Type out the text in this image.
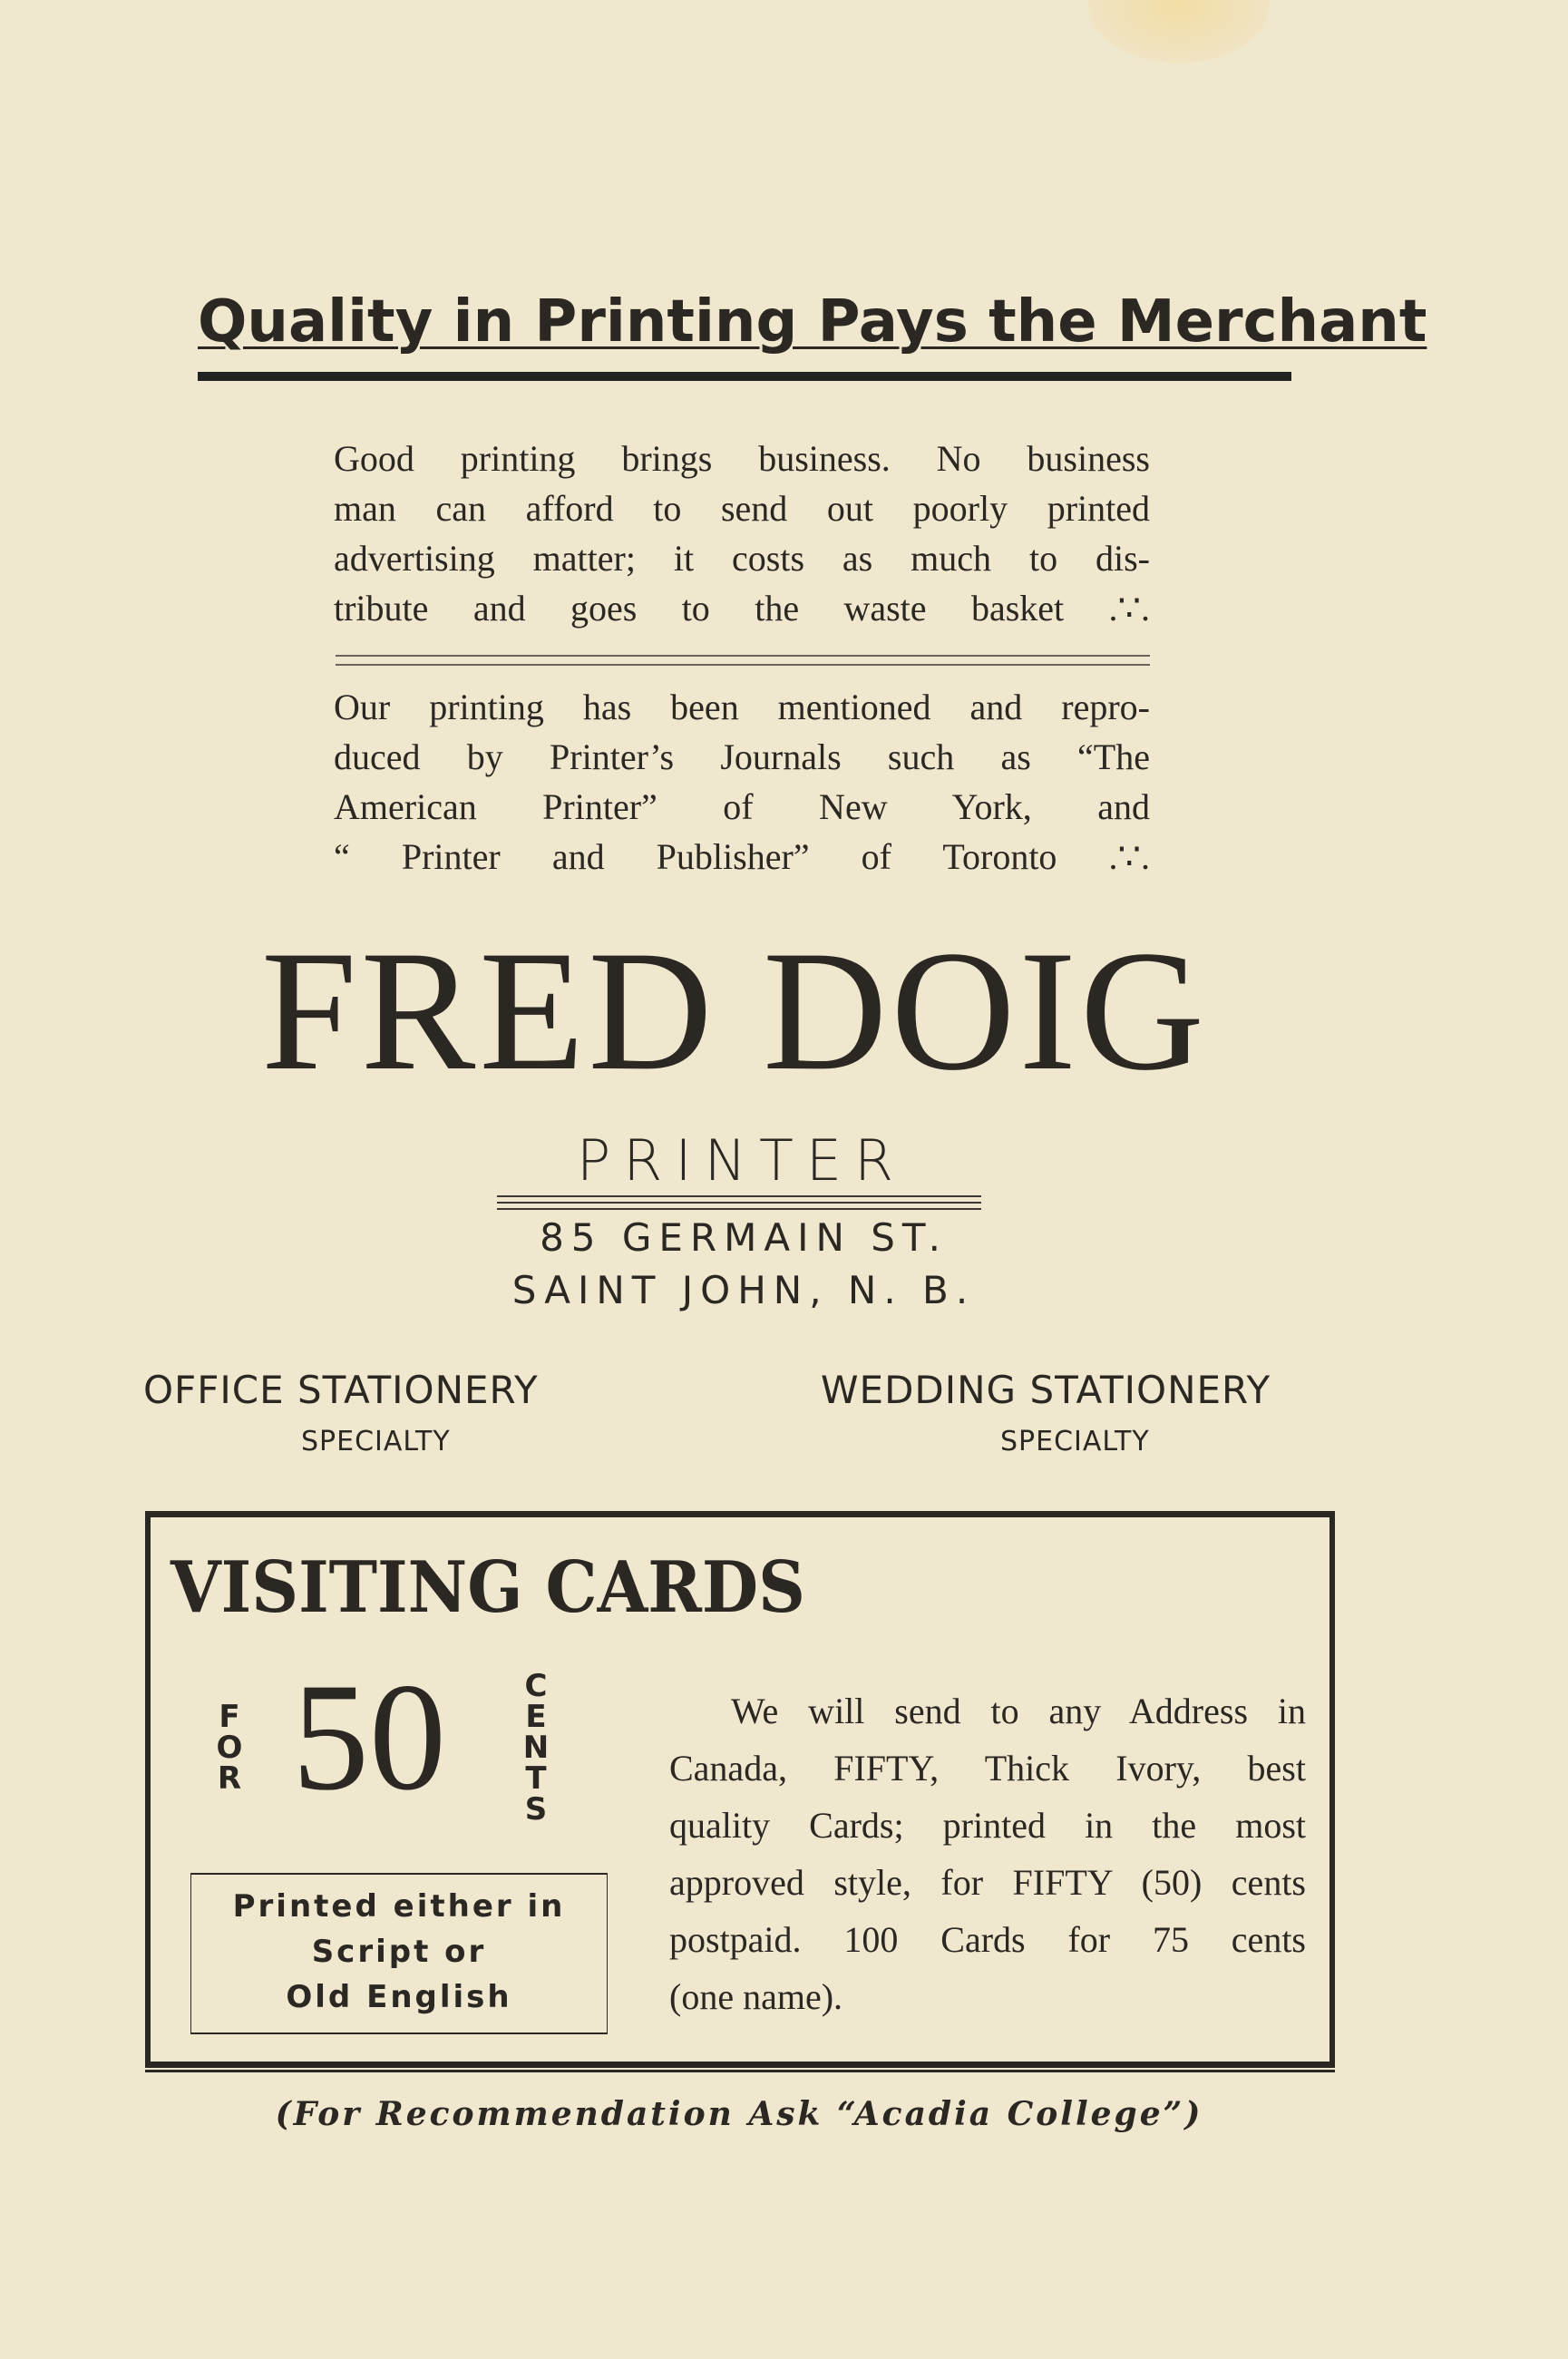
Quality in Printing Pays the Merchant
Good printing brings business. No business
man can afford to send out poorly printed
advertising matter; it costs as much to dis-
tribute and goes to the waste basket .∵.
Our printing has been mentioned and repro-
duced by Printer’s Journals such as “The
American Printer” of New York, and
“ Printer and Publisher” of Toronto .∵.
FRED DOIG
PRINTER
85 GERMAIN ST.
SAINT JOHN, N. B.
OFFICE STATIONERY
SPECIALTY
WEDDING STATIONERY
SPECIALTY
VISITING CARDS
F
O
R 50	C
E
N
T
S
Printed either in
Script or
Old English
We will send to any Address in
Canada, FIFTY, Thick Ivory, best
quality Cards; printed in the most
approved style, for FIFTY (50) cents
postpaid. 100 Cards for 75 cents
(one name).
(For Recommendation Ask “Acadia College”)
